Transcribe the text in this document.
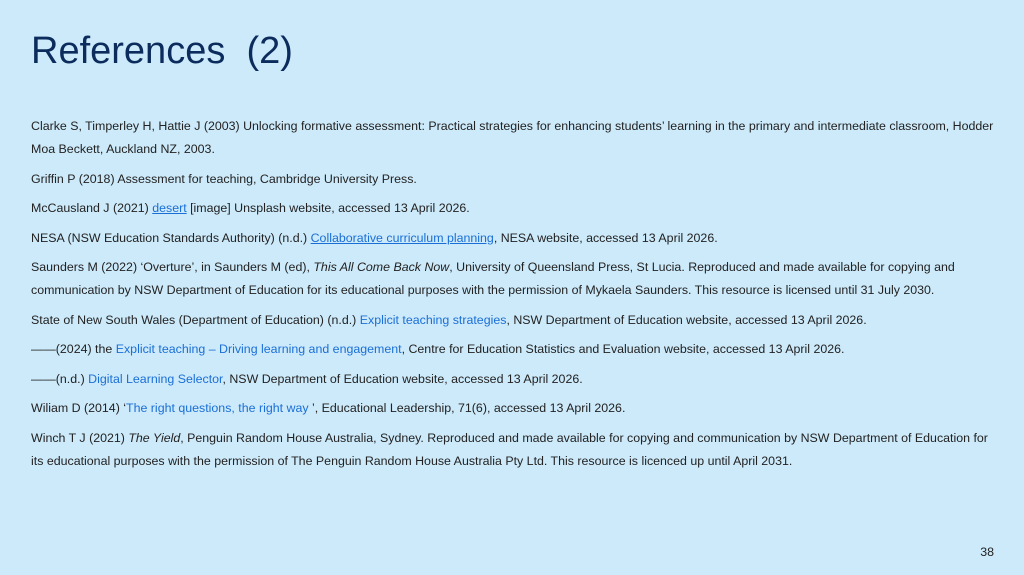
References  (2)

Clarke S, Timperley H, Hattie J (2003) Unlocking formative assessment: Practical strategies for enhancing students’ learning in the primary and intermediate classroom, Hodder Moa Beckett, Auckland NZ, 2003.

Griffin P (2018) Assessment for teaching, Cambridge University Press.

McCausland J (2021) desert [image] Unsplash website, accessed 13 April 2026.

NESA (NSW Education Standards Authority) (n.d.) Collaborative curriculum planning, NESA website, accessed 13 April 2026.

Saunders M (2022) ‘Overture’, in Saunders M (ed), This All Come Back Now, University of Queensland Press, St Lucia. Reproduced and made available for copying and communication by NSW Department of Education for its educational purposes with the permission of Mykaela Saunders. This resource is licensed until 31 July 2030.

State of New South Wales (Department of Education) (n.d.) Explicit teaching strategies, NSW Department of Education website, accessed 13 April 2026.

——(2024) the Explicit teaching – Driving learning and engagement, Centre for Education Statistics and Evaluation website, accessed 13 April 2026.

——(n.d.) Digital Learning Selector, NSW Department of Education website, accessed 13 April 2026.

Wiliam D (2014) ‘The right questions, the right way ’, Educational Leadership, 71(6), accessed 13 April 2026.

Winch T J (2021) The Yield, Penguin Random House Australia, Sydney. Reproduced and made available for copying and communication by NSW Department of Education for its educational purposes with the permission of The Penguin Random House Australia Pty Ltd. This resource is licenced up until April 2031.

38
